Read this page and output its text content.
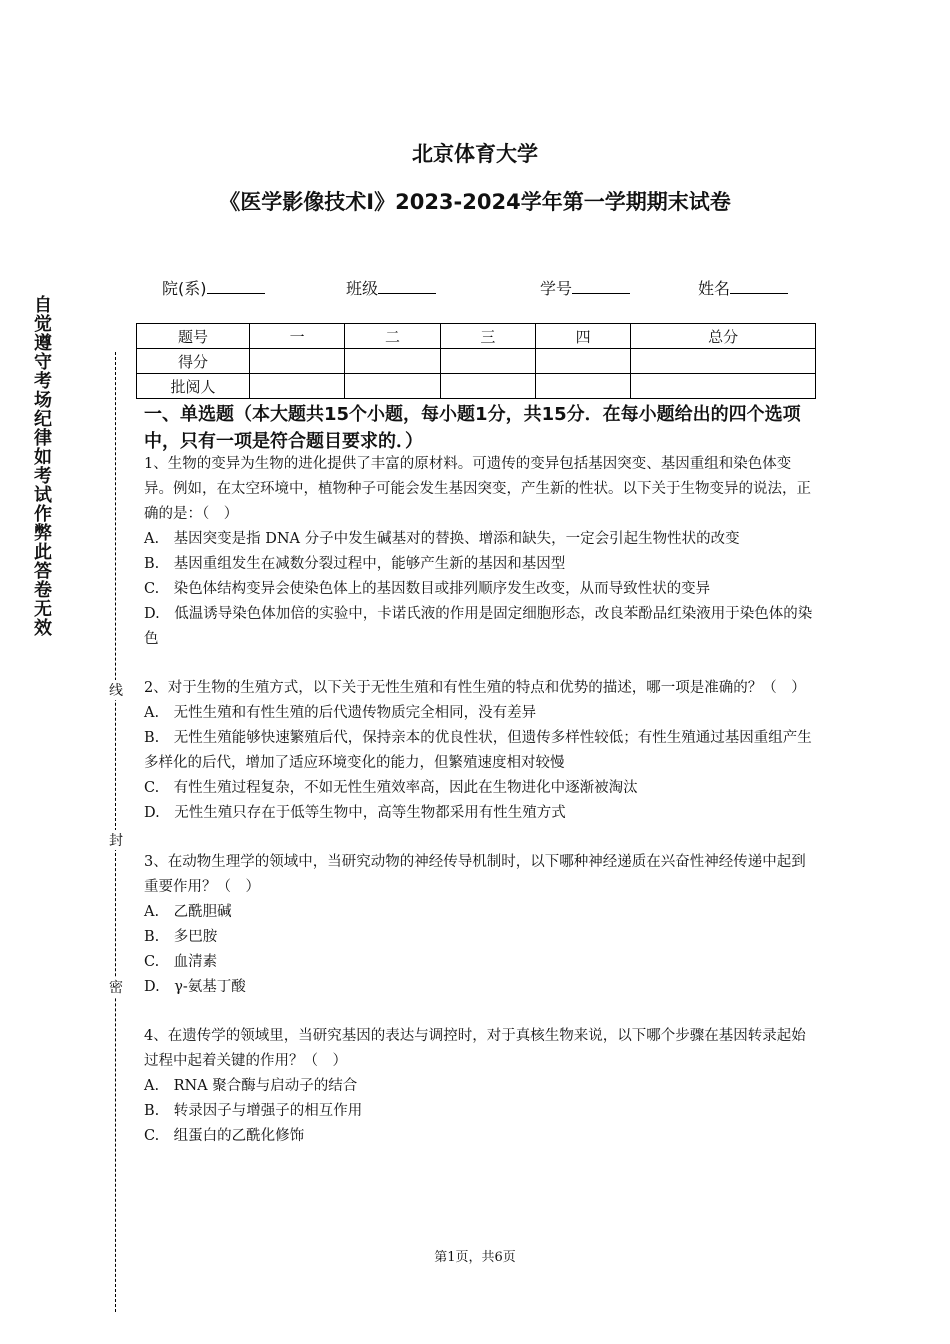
北京体育大学
《医学影像技术Ⅰ》2023-2024学年第一学期期末试卷
院(系)	班级	学号	姓名
题号	一	二	三	四	总分
得分					
批阅人					
自觉遵守考场纪律如考试作弊此答卷无效
线
封
密
一、单选题（本大题共15个小题，每小题1分，共15分．在每小题给出的四个选项中，只有一项是符合题目要求的．）

1、生物的变异为生物的进化提供了丰富的原材料。可遗传的变异包括基因突变、基因重组和染色体变异。例如，在太空环境中，植物种子可能会发生基因突变，产生新的性状。以下关于生物变异的说法，正确的是：（　）

A.　基因突变是指 DNA 分子中发生碱基对的替换、增添和缺失，一定会引起生物性状的改变

B.　基因重组发生在减数分裂过程中，能够产生新的基因和基因型

C.　染色体结构变异会使染色体上的基因数目或排列顺序发生改变，从而导致性状的变异

D.　低温诱导染色体加倍的实验中，卡诺氏液的作用是固定细胞形态，改良苯酚品红染液用于染色体的染色

2、对于生物的生殖方式，以下关于无性生殖和有性生殖的特点和优势的描述，哪一项是准确的？（　）

A.　无性生殖和有性生殖的后代遗传物质完全相同，没有差异

B.　无性生殖能够快速繁殖后代，保持亲本的优良性状，但遗传多样性较低；有性生殖通过基因重组产生多样化的后代，增加了适应环境变化的能力，但繁殖速度相对较慢

C.　有性生殖过程复杂，不如无性生殖效率高，因此在生物进化中逐渐被淘汰

D.　无性生殖只存在于低等生物中，高等生物都采用有性生殖方式

3、在动物生理学的领域中，当研究动物的神经传导机制时，以下哪种神经递质在兴奋性神经传递中起到重要作用？（　）

A.　乙酰胆碱

B.　多巴胺

C.　血清素

D.　γ-氨基丁酸

4、在遗传学的领域里，当研究基因的表达与调控时，对于真核生物来说，以下哪个步骤在基因转录起始过程中起着关键的作用？（　）

A.　RNA 聚合酶与启动子的结合

B.　转录因子与增强子的相互作用

C.　组蛋白的乙酰化修饰

第1页，共6页
